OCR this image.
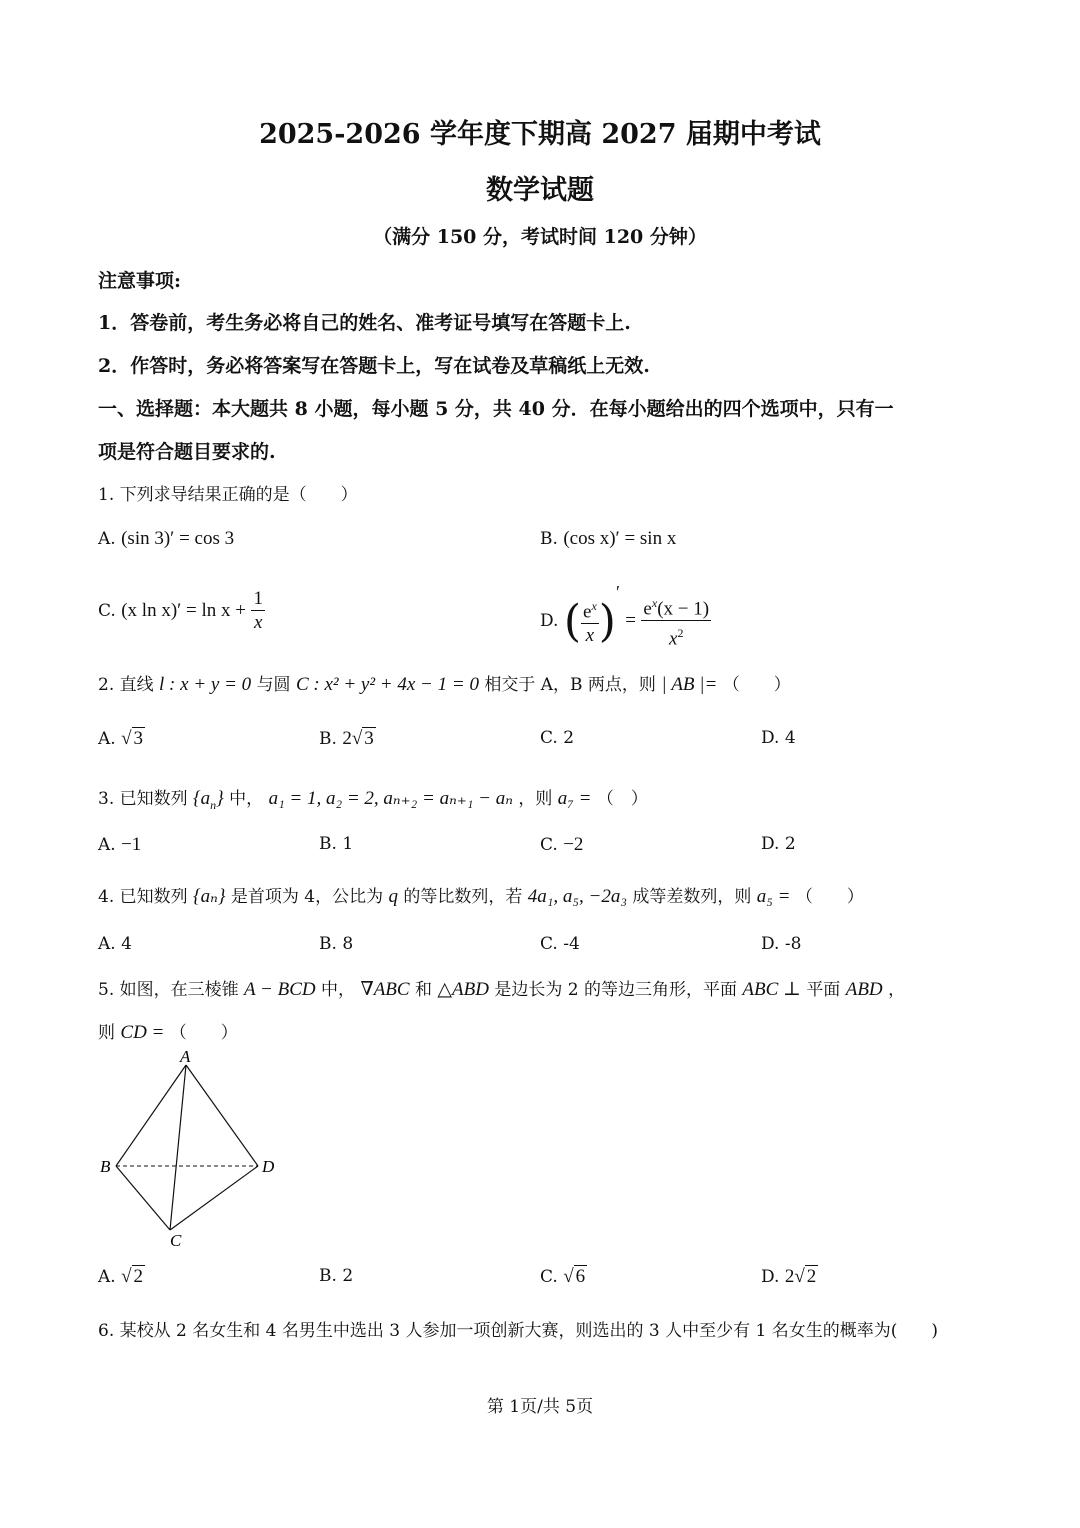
2025-2026 学年度下期高 2027 届期中考试
数学试题
（满分 150 分，考试时间 120 分钟）
注意事项:
1．答卷前，考生务必将自己的姓名、准考证号填写在答题卡上.
2．作答时，务必将答案写在答题卡上，写在试卷及草稿纸上无效.
一、选择题：本大题共 8 小题，每小题 5 分，共 40 分．在每小题给出的四个选项中，只有一
项是符合题目要求的.
1. 下列求导结果正确的是（　　）
A. (sin 3)′ = cos 3	B. (cos x)′ = sin x
C. (x $\ln x)' = \ln x + \frac{1}{x}$	D. ( $\frac{e^x}{x} )' = \frac{e^x(x - 1)}{x^2}$
2. 直线 l : x + y = 0 与圆 C : x² + y² + 4x − 1 = 0 相交于 A，B 两点，则 | AB |= （　　）
A. √ 3	B. 2√ 3	C. 2	D. 4
3. 已知数列 $\{a_n\}$ 中， a₁ = 1, a₂ = 2, aₙ₊₂ = aₙ₊₁ − aₙ ，则 a₇ = （　）
A. −1	B. 1	C. −2	D. 2
4. 已知数列 {aₙ} 是首项为 4，公比为 q 的等比数列，若 4a₁, a₅, −2a₃ 成等差数列，则 a₅ = （　　）
A. 4	B. 8	C. -4	D. -8
5. 如图，在三棱锥 A − BCD 中， ∇ABC 和 △ABD 是边长为 2 的等边三角形，平面 ABC ⊥ 平面 ABD ，
则 CD = （　　）
A
B
C
D
A. √ 2	B. 2	C. √ 6	D. 2√ 2
6. 某校从 2 名女生和 4 名男生中选出 3 人参加一项创新大赛，则选出的 3 人中至少有 1 名女生的概率为(　　)
第 1页/共 5页
